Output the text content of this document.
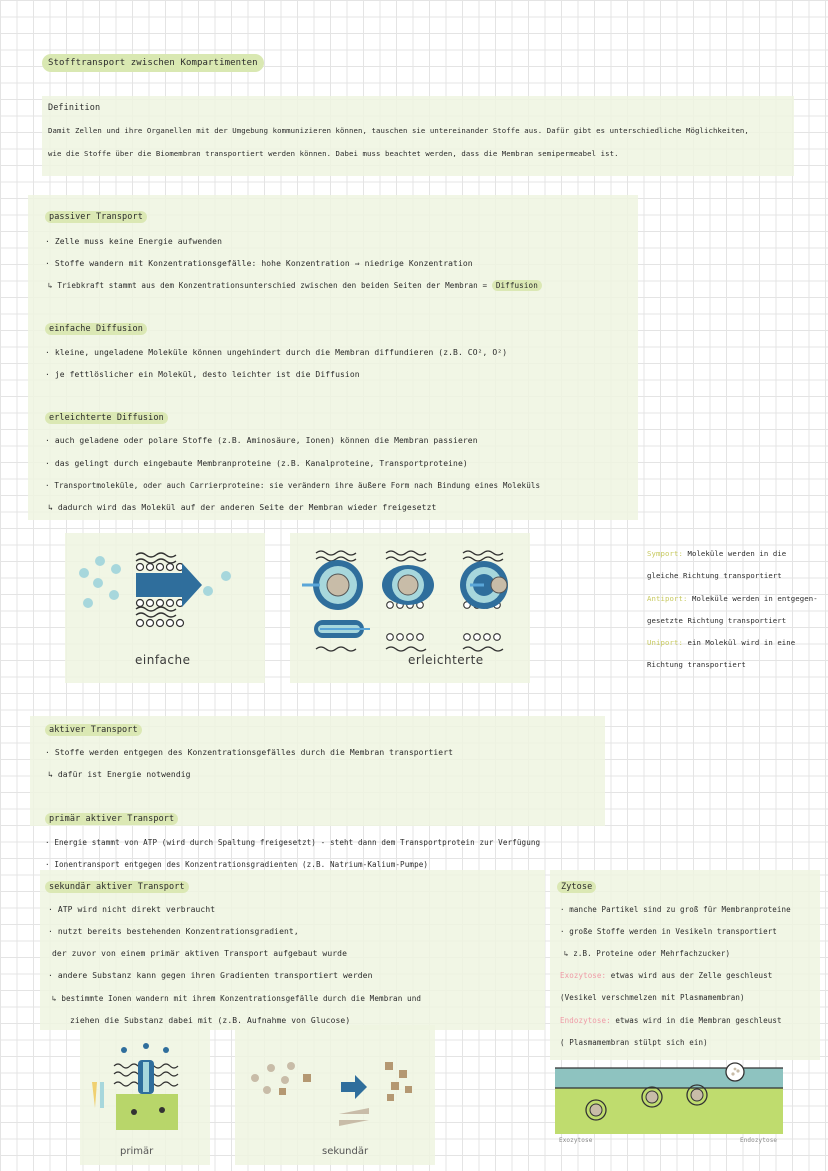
Stofftransport zwischen Kompartimenten
Definition
Damit Zellen und ihre Organellen mit der Umgebung kommunizieren können, tauschen sie untereinander Stoffe aus. Dafür gibt es unterschiedliche Möglichkeiten,
wie die Stoffe über die Biomembran transportiert werden können. Dabei muss beachtet werden, dass die Membran semipermeabel ist.
passiver Transport
· Zelle muss keine Energie aufwenden
· Stoffe wandern mit Konzentrationsgefälle: hohe Konzentration ⇒ niedrige Konzentration
↳ Triebkraft stammt aus dem Konzentrationsunterschied zwischen den beiden Seiten der Membran = Diffusion
einfache Diffusion
· kleine, ungeladene Moleküle können ungehindert durch die Membran diffundieren (z.B. CO², O²)
· je fettlöslicher ein Molekül, desto leichter ist die Diffusion
erleichterte Diffusion
· auch geladene oder polare Stoffe (z.B. Aminosäure, Ionen) können die Membran passieren
· das gelingt durch eingebaute Membranproteine (z.B. Kanalproteine, Transportproteine)
· Transportmoleküle, oder auch Carrierproteine: sie verändern ihre äußere Form nach Bindung eines Moleküls
↳ dadurch wird das Molekül auf der anderen Seite der Membran wieder freigesetzt
einfache	erleichterte
Symport: Moleküle werden in die
gleiche Richtung transportiert
Antiport: Moleküle werden in entgegen-
gesetzte Richtung transportiert
Uniport: ein Molekül wird in eine
Richtung transportiert
aktiver Transport
· Stoffe werden entgegen des Konzentrationsgefälles durch die Membran transportiert
↳ dafür ist Energie notwendig
primär aktiver Transport
· Energie stammt von ATP (wird durch Spaltung freigesetzt) - steht dann dem Transportprotein zur Verfügung
· Ionentransport entgegen des Konzentrationsgradienten (z.B. Natrium-Kalium-Pumpe)
sekundär aktiver Transport
· ATP wird nicht direkt verbraucht
· nutzt bereits bestehenden Konzentrationsgradient,
der zuvor von einem primär aktiven Transport aufgebaut wurde
· andere Substanz kann gegen ihren Gradienten transportiert werden
↳ bestimmte Ionen wandern mit ihrem Konzentrationsgefälle durch die Membran und
ziehen die Substanz dabei mit (z.B. Aufnahme von Glucose)
primär	sekundär
Zytose
· manche Partikel sind zu groß für Membranproteine
· große Stoffe werden in Vesikeln transportiert
↳ z.B. Proteine oder Mehrfachzucker)
Exozytose: etwas wird aus der Zelle geschleust
(Vesikel verschmelzen mit Plasmamembran)
Endozytose: etwas wird in die Membran geschleust
( Plasmamembran stülpt sich ein)
Exozytose	Endozytose
